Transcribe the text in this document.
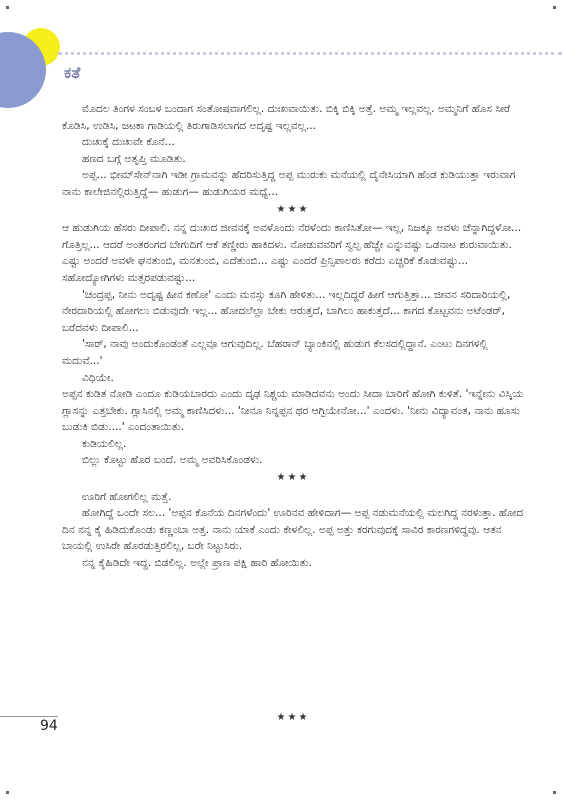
ಕತೆ

ಮೊದಲ ತಿಂಗಳ ಸಂಬಳ ಬಂದಾಗ ಸಂತೋಷವಾಗಲಿಲ್ಲ. ದುಃಖವಾಯಿತು. ಬಿಕ್ಕಿ ಬಿಕ್ಕಿ ಅತ್ತೆ. ಅಮ್ಮ ಇಲ್ಲವಲ್ಲ. ಅಮ್ಮನಿಗೆ ಹೊಸ ಸೀರೆ ಕೊಡಿಸಿ, ಉಡಿಸಿ, ಜಟಕಾ ಗಾಡಿಯಲ್ಲಿ ತಿರುಗಾಡಿಸಲಾಗದ ಅದೃಷ್ಟ ಇಲ್ಲವಲ್ಲ...

ದುಃಖಕ್ಕೆ ದುಃಖವೇ ಕೊನೆ...

ಹಣದ ಬಗ್ಗೆ ಅತೃಪ್ತಿ ಮೂಡಿತು.

ಅಪ್ಪ... ಭೀಮ್‌ಸೇನ್‌ನಾಗಿ ಇಡೀ ಗ್ರಾಮವನ್ನು ಹೆದರಿಸುತ್ತಿದ್ದ ಅಪ್ಪ ಮುರುಕು ಮನೆಯಲ್ಲಿ ದೈನೇಸಿಯಾಗಿ ಹೆಂಡ ಕುಡಿಯುತ್ತಾ ಇರುವಾಗ ನಾನು ಕಾಲೇಜಿನಲ್ಲಿರುತ್ತಿದ್ದೆ— ಹುಡುಗ— ಹುಡುಗಿಯರ ಮಧ್ಯೆ...

★★★

ಆ ಹುಡುಗಿಯ ಹೆಸರು ದೀಪಾಲಿ. ನನ್ನ ದುಃಖದ ಜೀವನಕ್ಕೆ ಅವಳೊಂದು ನೆರಳೆಂದು ಕಾಣಿಸಿತೋ— ಇಲ್ಲ, ನಿಜಕ್ಕೂ ಅವಳು ಚೆನ್ನಾಗಿದ್ದಳೋ... ಗೊತ್ತಿಲ್ಲ... ಆದರೆ ಅಂತರಂಗದ ಬೇಗುದಿಗೆ ಆಕೆ ತಣ್ಣೀರು ಹಾಕಿದಳು. ನೋಡುವವರಿಗೆ ಸ್ವಲ್ಪ ಹೆಚ್ಚೇ ಎನ್ನುವಷ್ಟು ಒಡನಾಟ ಶುರುವಾಯಿತು. ಎಷ್ಟು ಅಂದರೆ ಅವಳೇ ಘನತುಂಬಿ, ಮನತುಂಬಿ, ಎದೆತುಂಬಿ... ಎಷ್ಟು ಎಂದರೆ ಪ್ರಿನ್ಸಿಪಾಲರು ಕರೆದು ಎಚ್ಚರಿಕೆ ಕೊಡುವಷ್ಟು... ಸಹೋದ್ಯೋಗಿಗಳು ಮತ್ಸರಪಡುವಷ್ಟು...

'ಚಂದ್ರಪ್ಪ, ನೀನು ಅದೃಷ್ಟ ಹೀನ ಕಣೋ' ಎಂದು ಮನಸ್ಸು ಕೂಗಿ ಹೇಳಿತು... ಇಲ್ಲದಿದ್ದರೆ ಹೀಗೆ ಆಗುತ್ತಿತ್ತಾ... ಜೀವನ ಸರಿದಾರಿಯಲ್ಲಿ, ನೇರದಾರಿಯಲ್ಲಿ ಹೋಗಲು ಬಿಡುವುದೇ ಇಲ್ಲ... ಹೋದಲೆಲ್ಲಾ ಬೇಕು ಆರುತ್ತದೆ, ಬಾಗಿಲು ಹಾಕುತ್ತದೆ... ಕಾಗದ ಕೊಟ್ಟವನು ಅಟೆಂಡರ್, ಬರೆದವಳು ದೀಪಾಲಿ...

'ಸಾರ್, ನಾವು ಅಂದುಕೊಂಡಂತೆ ಎಲ್ಲವೂ ಆಗುವುದಿಲ್ಲ. ಬೆಹರಾನ್ ಬ್ಯಾಂಕಿನಲ್ಲಿ ಹುಡುಗ ಕೆಲಸದಲ್ಲಿದ್ದಾನೆ. ಎಂಟು ದಿನಗಳಲ್ಲಿ ಮದುವೆ...'

ವಿಧಿಯೇ.

ಅಪ್ಪನ ಕುಡಿತ ನೋಡಿ ಎಂದೂ ಕುಡಿಯಬಾರದು ಎಂದು ದೃಢ ನಿಶ್ಚಯ ಮಾಡಿದವನು ಅಂದು ಸೀದಾ ಬಾರಿಗೆ ಹೋಗಿ ಕುಳಿತೆ. 'ಇನ್ನೇನು ವಿಸ್ಕಿಯ ಗ್ಲಾಸನ್ನು ಎತ್ತಬೇಕು. ಗ್ಲಾಸಿನಲ್ಲಿ ಅಮ್ಮ ಕಾಣಿಸಿದಳು... 'ನೀನೂ ನಿನ್ನಪ್ಪನ ಥರ ಆಗ್ಬಿಯೇನೋ...' ಎಂದಳು. 'ನೀನು ವಿದ್ಯಾವಂತ, ನಾನು ಹೂಸು ಬುಡುಕಿ ಬಿಡು....' ಎಂದಂತಾಯಿತು.

ಕುಡಿಯಲಿಲ್ಲ.

ಬಿಲ್ಲು ಕೊಟ್ಟು ಹೊರ ಬಂದೆ. ಅಮ್ಮ ಅವರಿಸಿಕೊಂಡಳು.

★★★

ಊರಿಗೆ ಹೋಗಲಿಲ್ಲ ಮತ್ತೆ.

ಹೋಗಿದ್ದೆ ಒಂದೇ ಸಲ... 'ಅಪ್ಪನ ಕೊನೆಯ ದಿನಗಳೆಂದು' ಊರಿನವ ಹೇಳಿದಾಗ— ಅಪ್ಪ ನಡುಮನೆಯಲ್ಲಿ ಮಲಗಿದ್ದ ನರಳುತ್ತಾ. ಹೋದ ದಿನ ನನ್ನ ಕೈ ಹಿಡಿದುಕೊಂಡು ಕಣ್ಣಂಬಾ ಅತ್ತ. ನಾನು ಯಾಕೆ ಎಂದು ಕೇಳಲಿಲ್ಲ. ಅಪ್ಪ ಅತ್ತು ಕರಗುವುದಕ್ಕೆ ಸಾವಿರ ಕಾರಣಗಳಿದ್ದವು. ಆತನ ಬಾಯಲ್ಲಿ ಉಸಿರೇ ಹೊರಡುತ್ತಿರಲಿಲ್ಲ, ಬರೇ ನಿಟ್ಟುಸಿರು.

ನನ್ನ ಕೈಹಿಡಿದೇ ಇದ್ದ. ಬಿಡಲಿಲ್ಲ. ಅಲ್ಲೇ ಪ್ರಾಣ ಪಕ್ಷಿ ಹಾರಿ ಹೋಯಿತು.

94
★★★
